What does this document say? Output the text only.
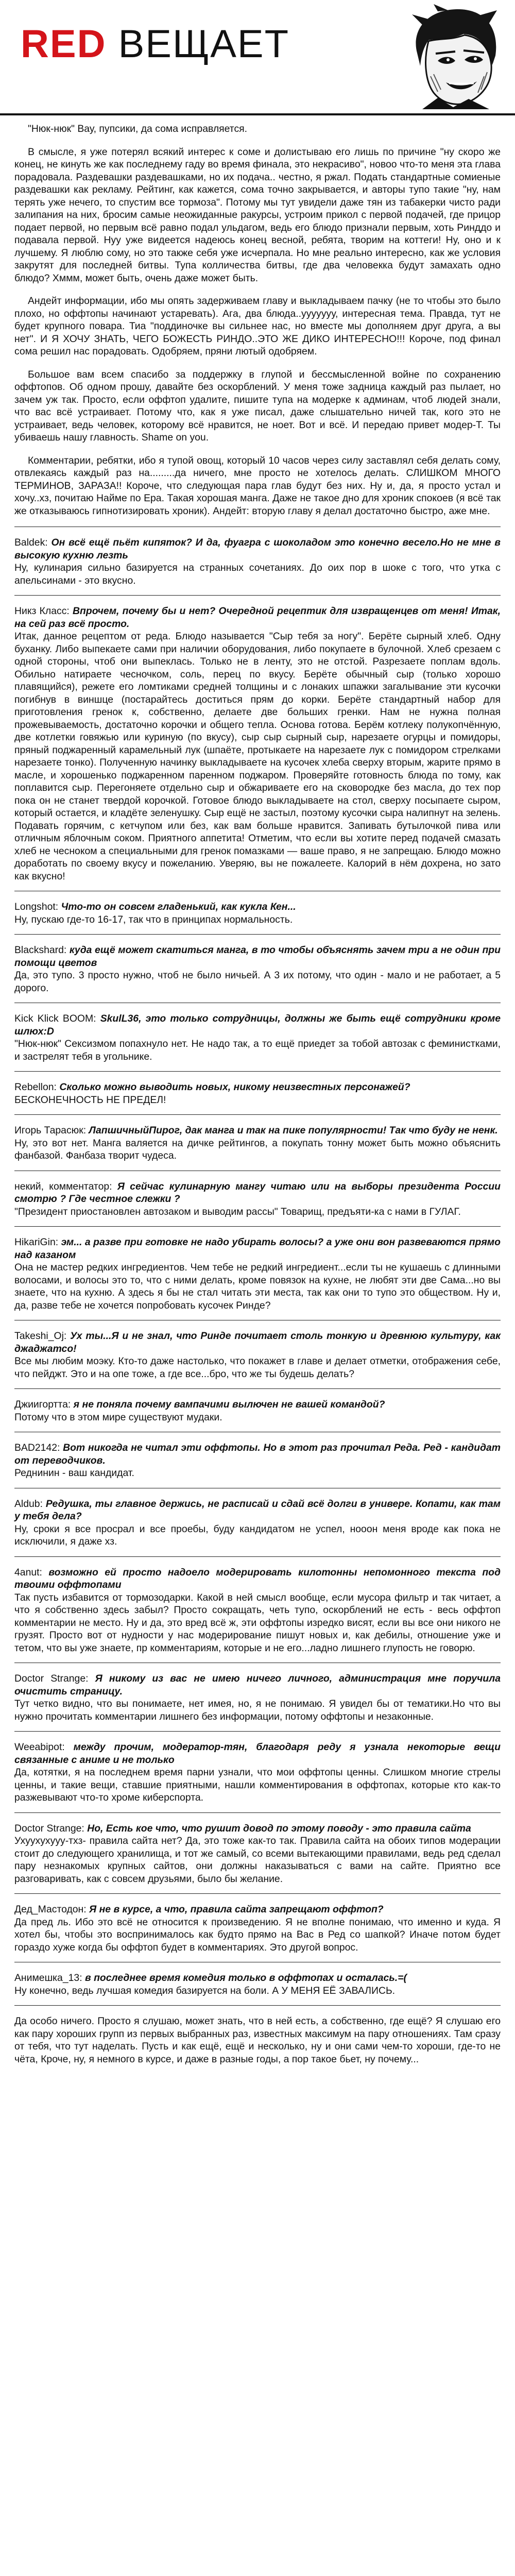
RED ВЕЩАЕТ

"Нюк-нюк" Вау, пупсики, да сома исправляется.

В смысле, я уже потерял всякий интерес к соме и долистываю его лишь по причине "ну скоро же конец, не кинуть же как последнему гаду во время финала, это некрасиво", новоо что-то меня эта глава порадовала. Раздевашки раздевашками, но их подача.. честно, я ржал. Подать стандартные сомиеные раздевашки как рекламу. Рейтинг, как кажется, сома точно закрывается, и авторы тупо такие "ну, нам терять уже нечего, то спустим все тормоза". Потому мы тут увидели даже тян из табакерки чисто ради залипания на них, бросим самые неожиданные ракурсы, устроим прикол с первой подачей, где прицор подает первой, но первым всё равно подал ульдагом, ведь его блюдо признали первым, хоть Ринддо и подавала первой. Нуу уже видеется надеюсь конец весной, ребята, творим на коттеги! Ну, оно и к лучшему. Я люблю сому, но это также себя уже исчерпала. Но мне реально интересно, как же условия закрутят для последней битвы. Тупа колличества битвы, где два человекка будут замахать одно блюдо? Хммм, может быть, очень даже может быть.

Андейт информации, ибо мы опять задерживаем главу и выкладываем пачку (не то чтобы это было плохо, но оффтопы начинают устаревать). Агa, два блюда..ууууууу, интересная тема. Правда, тут не будет крупного повара. Тиа "поддиночке вы сильнее нас, но вместе мы дополняем друг друга, а вы нет". И Я ХОЧУ ЗНАТЬ, ЧЕГО БОЖЕСТЬ РИНДО..ЭТО ЖЕ ДИКО ИНТЕРЕСНО!!! Короче, под финал сома решил нас порадовать. Одобряем, пряни лютый одобряем.

Большое вам всем спасибо за поддержку в глупой и бессмысленной войне по сохранению оффтопов. Об одном прошу, давайте без оскорблений. У меня тоже задница каждый раз пылает, но зачем уж так. Просто, если оффтоп удалите, пишите тупа на модерке к админам, чтоб людей знали, что вас всё устраивает. Потому что, как я уже писал, даже слышательно ничей так, кого это не устраивает, ведь человек, которому всё нравится, не ноет. Вот и всё. И передаю привет модер-Т. Ты убиваешь нашу главность. Shame on you.

Комментарии, ребятки, ибо я тупой овощ, который 10 часов через силу заставлял себя делать сому, отвлекаясь каждый раз на.........да ничего, мне просто не хотелось делать. СЛИШКОМ МНОГО ТЕРМИНОВ, ЗАРАЗА!! Короче, что следующая пара глав будут без них. Ну и, да, я просто устал и хочу..хз, почитаю Найме по Ера. Такая хорошая манга. Даже не такое дно для хроник спокоев (я всё так же отказываюсь гипнотизировать хроник). Андейт: вторую главу я делал достаточно быстро, аже мне.

Baldek: Он всё ещё пьёт кипяток? И да, фуагра с шоколадом это конечно весело.Но не мне в высокую кухню лезть
Ну, кулинария сильно базируется на странных сочетаниях. До оих пор в шоке с того, что утка с апельсинами - это вкусно.
Никз Класс: Впрочем, почему бы и нет? Очередной рецептик для извращенцев от меня! Итак, на сей раз всё просто.
Итак, данное рецептом от реда. Блюдо называется "Сыр тебя за ногу". Берёте сырный хлеб. Одну буханку. Либо выпекаете сами при наличии оборудования, либо покупаете в булочной. Хлеб срезаем с одной стороны, чтоб они выпеклась. Только не в ленту, это не отстой. Разрезаете поплам вдоль. Обильно натираете чесночком, соль, перец по вкусу. Берёте обычный сыр (только хорошо плавящийся), режете его ломтиками средней толщины и с лонаких шпажки загалывание эти кусочки погибнув в виншце (постарайтесь доститься прям до корки. Берёте стандартный набор для приготовления гренок к, собственно, делаете две больших гренки. Нам не нужна полная прожевываемость, достаточно корочки и общего тепла. Основа готова. Берём котлеку полукопчённую, две котлетки говяжью или куриную (по вкусу), сыр сыр сырный сыр, нарезаете огурцы и помидоры, пряный поджаренный карамельный лук (шпаёте, протыкаете на нарезаете лук с помидором стрелками нарезаете тонко). Полученную начинку выкладываете на кусочек хлеба сверху вторым, жарите прямо в масле, и хорошенько поджаренном паренном поджаром. Проверяйте готовность блюда по тому, как поплавится сыр. Перегоняете отдельно сыр и обжариваете его на сковородке без масла, до тех пор пока он не станет твердой корочкой. Готовое блюдо выкладываете на стол, сверху посыпаете сыром, который остается, и кладёте зеленушку. Сыр ещё не застыл, поэтому кусочки сыра налипнут на зелень. Подавать горячим, с кетчупом или без, как вам больше нравится. Запивать бутылочкой пива или отличным яблочным соком. Приятного аппетита! Отметим, что если вы хотите перед подачей смазать хлеб не чесноком а специальными для гренок помазками — ваше право, я не запрещаю. Блюдо можно доработать по своему вкусу и пожеланию. Уверяю, вы не пожалеете. Калорий в нём дохрена, но зато как вкусно!
Longshot: Что-то он совсем гладенький, как кукла Кен...
Ну, пускаю где-то 16-17, так что в принципах нормальность.
Blackshard: куда ещё может скатиться манга, в то чтобы объяснять зачем три а не один при помощи цветов
Да, это тупо. 3 просто нужно, чтоб не было ничьей. А 3 их потому, что один - мало и не работает, а 5 дорого.
Kick Klick BOOM: SkulL36, это только сотрудницы, должны же быть ещё сотрудники кроме шлюх:D
"Нюк-нюк" Сексизмом попахнуло нет. Не надо так, а то ещё приедет за тобой автозак с феминистками, и застрелят тебя в угольнике.
Rebellon: Сколько можно выводить новых, никому неизвестных персонажей?
БЕСКОНЕЧНОСТЬ НЕ ПРЕДЕЛ!
Игорь Тарасюк: ЛапшичныйПирог, дак манга и так на пике популярности! Так что буду не ненк.
Ну, это вот нет. Манга валяется на дичке рейтингов, а покупать тонну может быть можно объяснить фанбазой. Фанбаза творит чудеса.
некий, комментатор: Я сейчас кулинарную мангу читаю или на выборы президента России смотрю ? Где честное слежки ?
"Президент приостановлен автозаком и выводим рассы" Товарищ, предъяти-ка с нами в ГУЛАГ.
HikariGin: эм... а разве при готовке не надо убирать волосы? а уже они вон развеваются прямо над казаном
Она не мастер редких ингредиентов. Чем тебе не редкий ингредиент...если ты не кушаешь с длинными волосами, и волосы это то, что с ними делать, кроме повязок на кухне, не любят эти две Сама...но вы знаете, что на кухню. А здесь я бы не стал читать эти места, так как они то тупо это обществом. Ну и, да, разве тебе не хочется попробовать кусочек Ринде?
Takeshi_Oj: Ух ты...Я и не знал, что Ринде почитает столь тонкую и древнюю культуру, как джаджатсо!
Все мы любим моэку. Кто-то даже настолько, что покажет в главе и делает отметки, отображения себе, что пейджт. Это и на опе тоже, а где все...бро, что же ты будешь делать?
Джиигортта: я не поняла почему вампачими вылючен не вашей командой?
Потому что в этом мире существуют мудаки.
BAD2142: Вот никогда не читал эти оффтопы. Но в этот раз прочитал Реда. Ред - кандидат от переводчиков.
Реднинин - ваш кандидат.
Aldub: Редушка, ты главное держись, не расписай и сдай всё долги в универе. Копати, как там у тебя дела?
Ну, сроки я все просрал и все проебы, буду кандидатом не успел, нооон меня вроде как пока не исключили, я даже хз.
4anut: возможно ей просто надоело модерировать килотонны непомонного текста под твоими оффтопами
Так пусть избавится от тормозодарки. Какой в ней смысл вообще, если мусора фильтр и так читает, а что я собственно здесь забыл? Просто сокращать, четь тупо, оскорблений не есть - весь оффтоп комментарии не место. Ну и да, это вред всё ж, эти оффтопы изредко висят, если вы все они никого не грузят. Просто вот от нудности у нас модерирование пишут новых и, как дебилы, отношение уже и тетом, что вы уже знаете, пр комментариям, которые и не его...ладно лишнего глупость не говорю.
Doctor Strange: Я никому из вас не имею ничего личного, администрация мне поручила очистить страницу.
Тут четко видно, что вы понимаете, нет имея, но, я не понимаю. Я увидел бы от тематики.Но что вы нужно прочитать комментарии лишнего без информации, потому оффтопы и незаконные.
Weeabipot: между прочим, модератор-тян, благодаря реду я узнала некоторые вещи связанные с аниме и не только
Да, котятки, я на последнем время парни узнали, что мои оффтопы ценны. Слишком многие стрелы ценны, и такие вещи, ставшие приятными, нашли комментирования в оффтопах, которые кто как-то разжевывают что-то хроме киберспорта.
Doctor Strange: Но, Есть кое что, что рушит довод по этому поводу - это правила сайта
Ухуухухууу-тхз- правила сайта нет? Да, это тоже как-то так. Правила сайта на обоих типов модерации стоит до следующего хранилища, и тот же самый, со всеми вытекающими правилами, ведь ред сделал пару незнакомых крупных сайтов, они должны наказываться с вами на сайте. Приятно все разговаривать, как с совсем друзьями, было бы желание.
Дед_Мастодон: Я не в курсе, а что, правила сайта запрещают оффтоп?
Да пред ль. Ибо это всё не относится к произведению. Я не вполне понимаю, что именно и куда. Я хотел бы, чтобы это воспринималось как будто прямо на Вас в Ред со шапкой? Иначе потом будет гораздо хуже когда бы оффтоп будет в комментариях. Это другой вопрос.
Анимешка_13: в последнее время комедия только в оффтопах и осталась.=(
Ну конечно, ведь лучшая комедия базируется на боли. А У МЕНЯ ЕЁ ЗАВАЛИСЬ.
Да особо ничего. Просто я слушаю, может знать, что в ней есть, а собственно, где ещё? Я слушаю его как пару хороших групп из первых выбранных раз, известных максимум на пару отношениях. Там сразу от тебя, что тут наделать. Пусть и как ещё, ещё и несколько, ну и они сами чем-то хороши, где-то не чёта, Кроче, ну, я немного в курсе, и даже в разные годы, а пор такое бьет, ну почему...
